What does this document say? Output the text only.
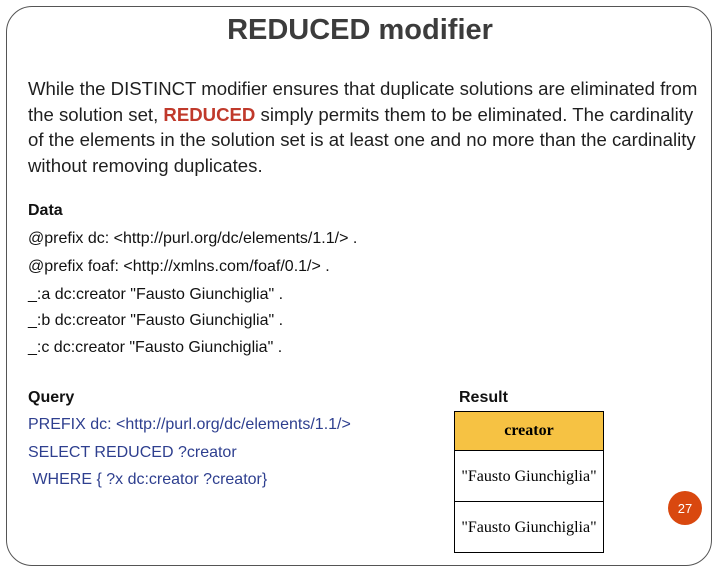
REDUCED modifier
While the DISTINCT modifier ensures that duplicate solutions are eliminated from the solution set, REDUCED simply permits them to be eliminated. The cardinality of the elements in the solution set is at least one and no more than the cardinality without removing duplicates.
Data
@prefix dc: <http://purl.org/dc/elements/1.1/> .
@prefix foaf: <http://xmlns.com/foaf/0.1/> .
_:a dc:creator "Fausto Giunchiglia" .
_:b dc:creator "Fausto Giunchiglia" .
_:c dc:creator "Fausto Giunchiglia" .
Query
PREFIX dc: <http://purl.org/dc/elements/1.1/>
SELECT REDUCED ?creator
WHERE { ?x dc:creator ?creator}
Result
creator
"Fausto Giunchiglia"
"Fausto Giunchiglia"
27
